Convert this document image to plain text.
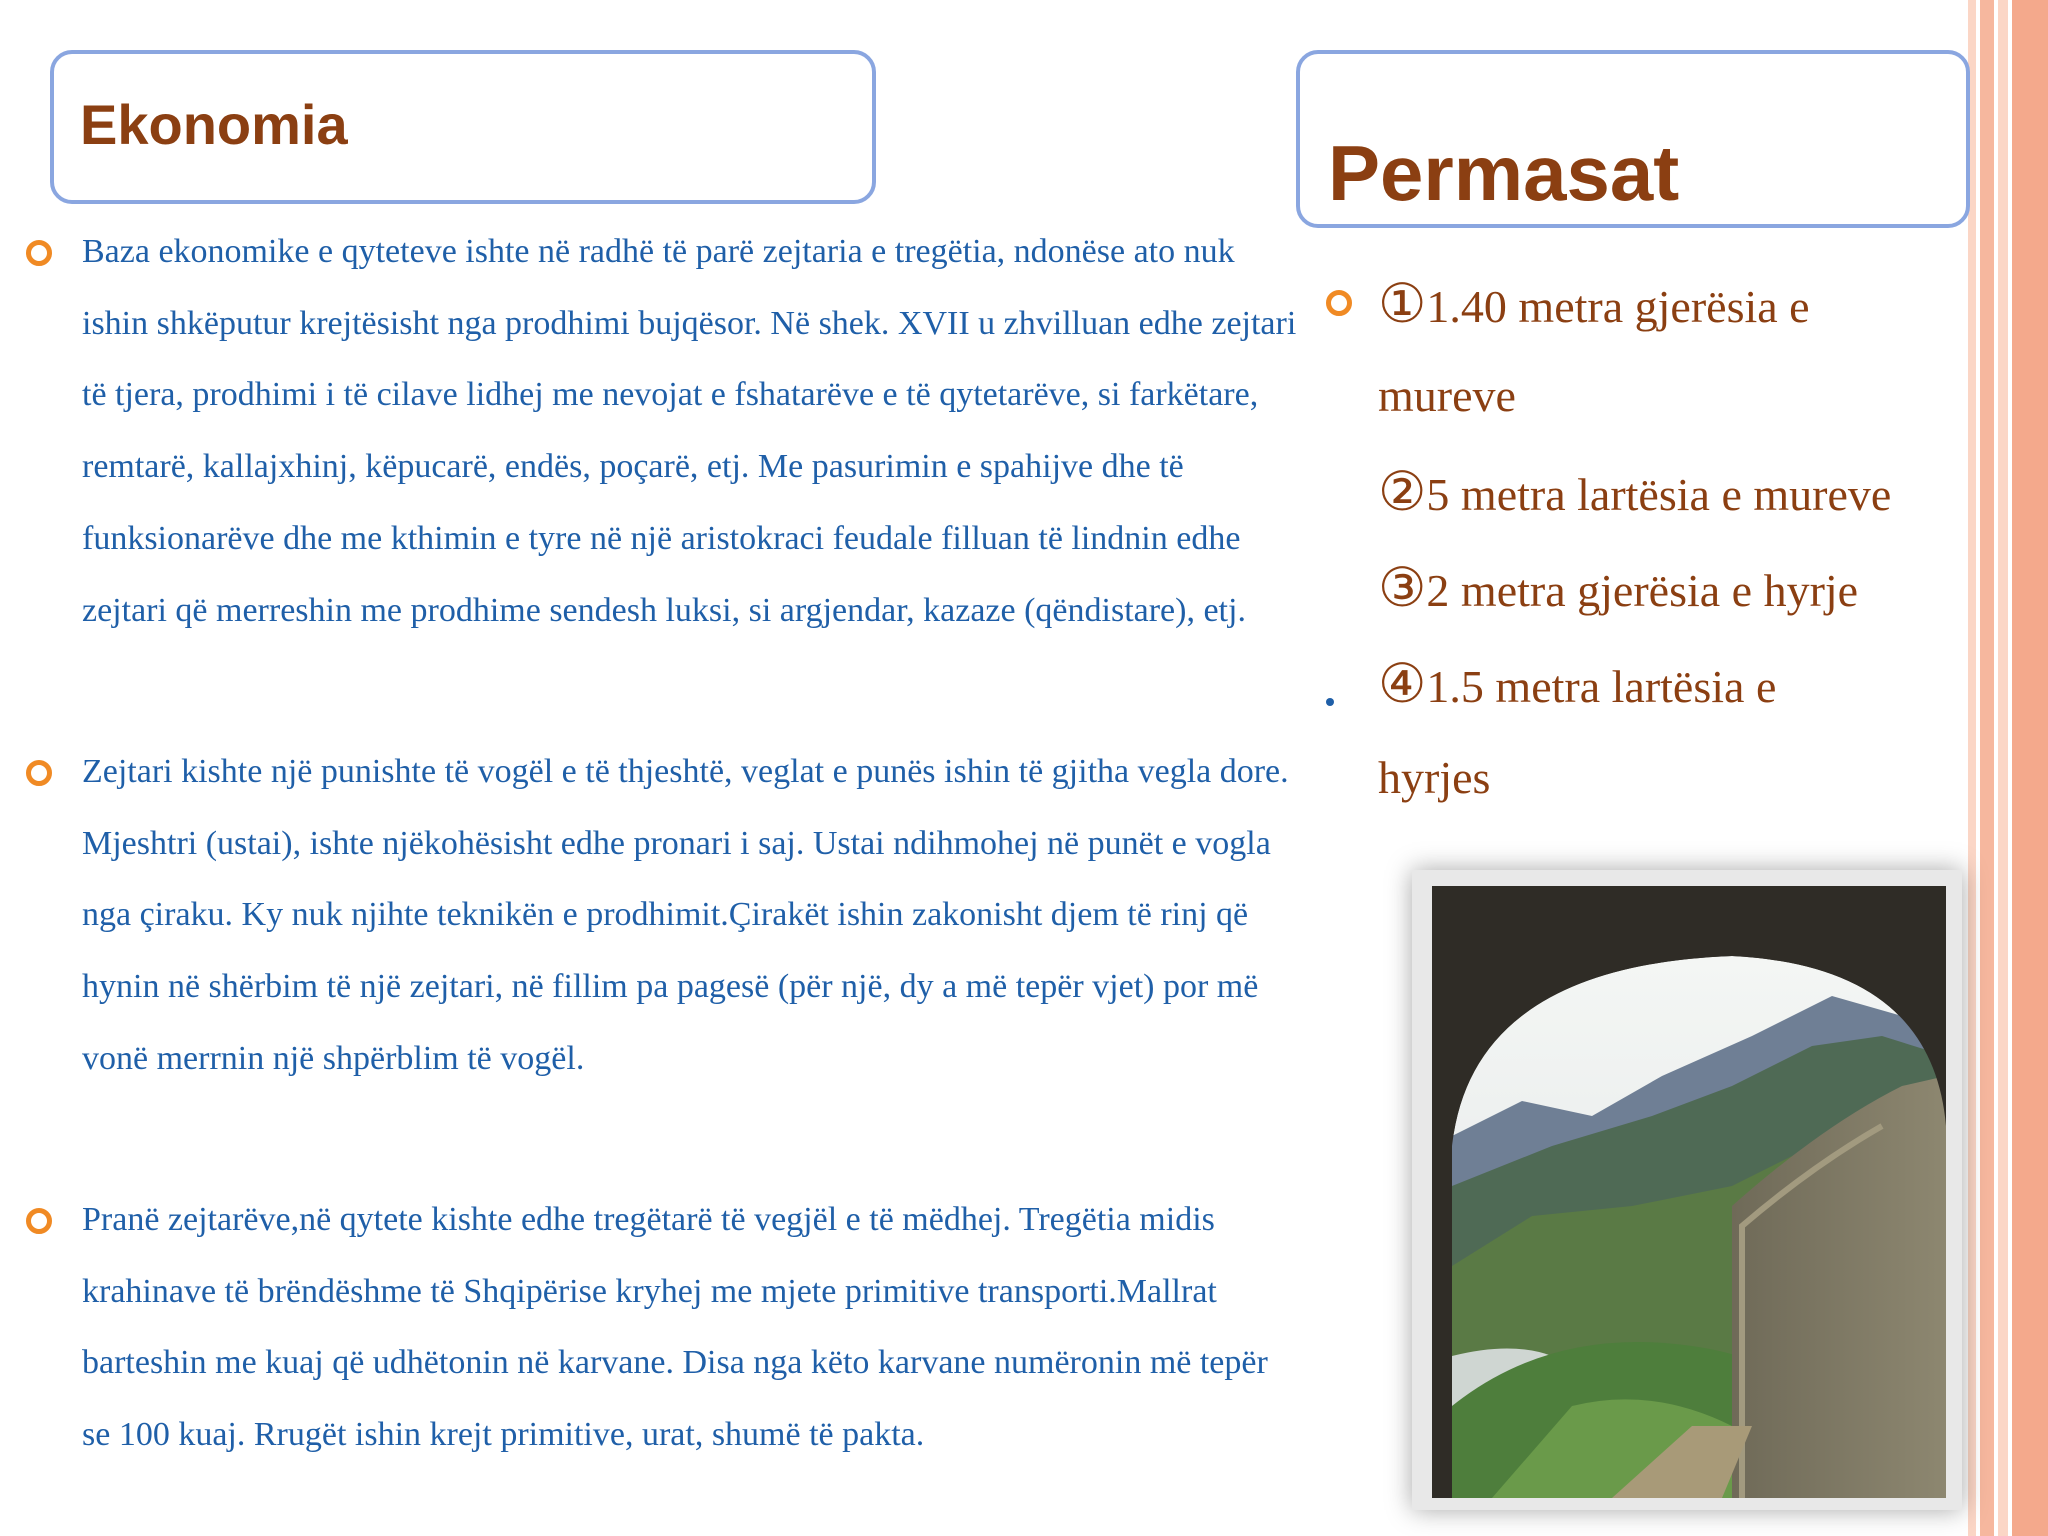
Ekonomia
Permasat
Baza ekonomike e qyteteve ishte në radhë të parë zejtaria e tregëtia, ndonëse ato nuk ishin shkëputur krejtësisht nga prodhimi bujqësor. Në shek. XVII u zhvilluan edhe zejtari të tjera, prodhimi i të cilave lidhej me nevojat e fshatarëve e të qytetarëve, si farkëtare, remtarë, kallajxhinj, këpucarë, endës, poçarë, etj. Me pasurimin e spahijve dhe të funksionarëve dhe me kthimin e tyre në një aristokraci feudale filluan të lindnin edhe zejtari që merreshin me prodhime sendesh luksi, si argjendar, kazaze (qëndistare), etj.
Zejtari kishte një punishte të vogël e të thjeshtë, veglat e punës ishin të gjitha vegla dore. Mjeshtri (ustai), ishte njëkohësisht edhe pronari i saj. Ustai ndihmohej në punët e vogla nga çiraku. Ky nuk njihte teknikën e prodhimit.Çirakët ishin zakonisht djem të rinj që hynin në shërbim të një zejtari, në fillim pa pagesë (për një, dy a më tepër vjet) por më vonë merrnin një shpërblim të vogël.
Pranë zejtarëve,në qytete kishte edhe tregëtarë të vegjël e të mëdhej. Tregëtia midis krahinave të brëndëshme të Shqipërise kryhej me mjete primitive transporti.Mallrat barteshin me kuaj që udhëtonin në karvane. Disa nga këto karvane numëronin më tepër se 100 kuaj. Rrugët ishin krejt primitive, urat, shumë të pakta.
①1.40 metra gjerësia e
mureve
②5 metra lartësia e mureve
③2 metra gjerësia e hyrje
④1.5 metra lartësia e
hyrjes
